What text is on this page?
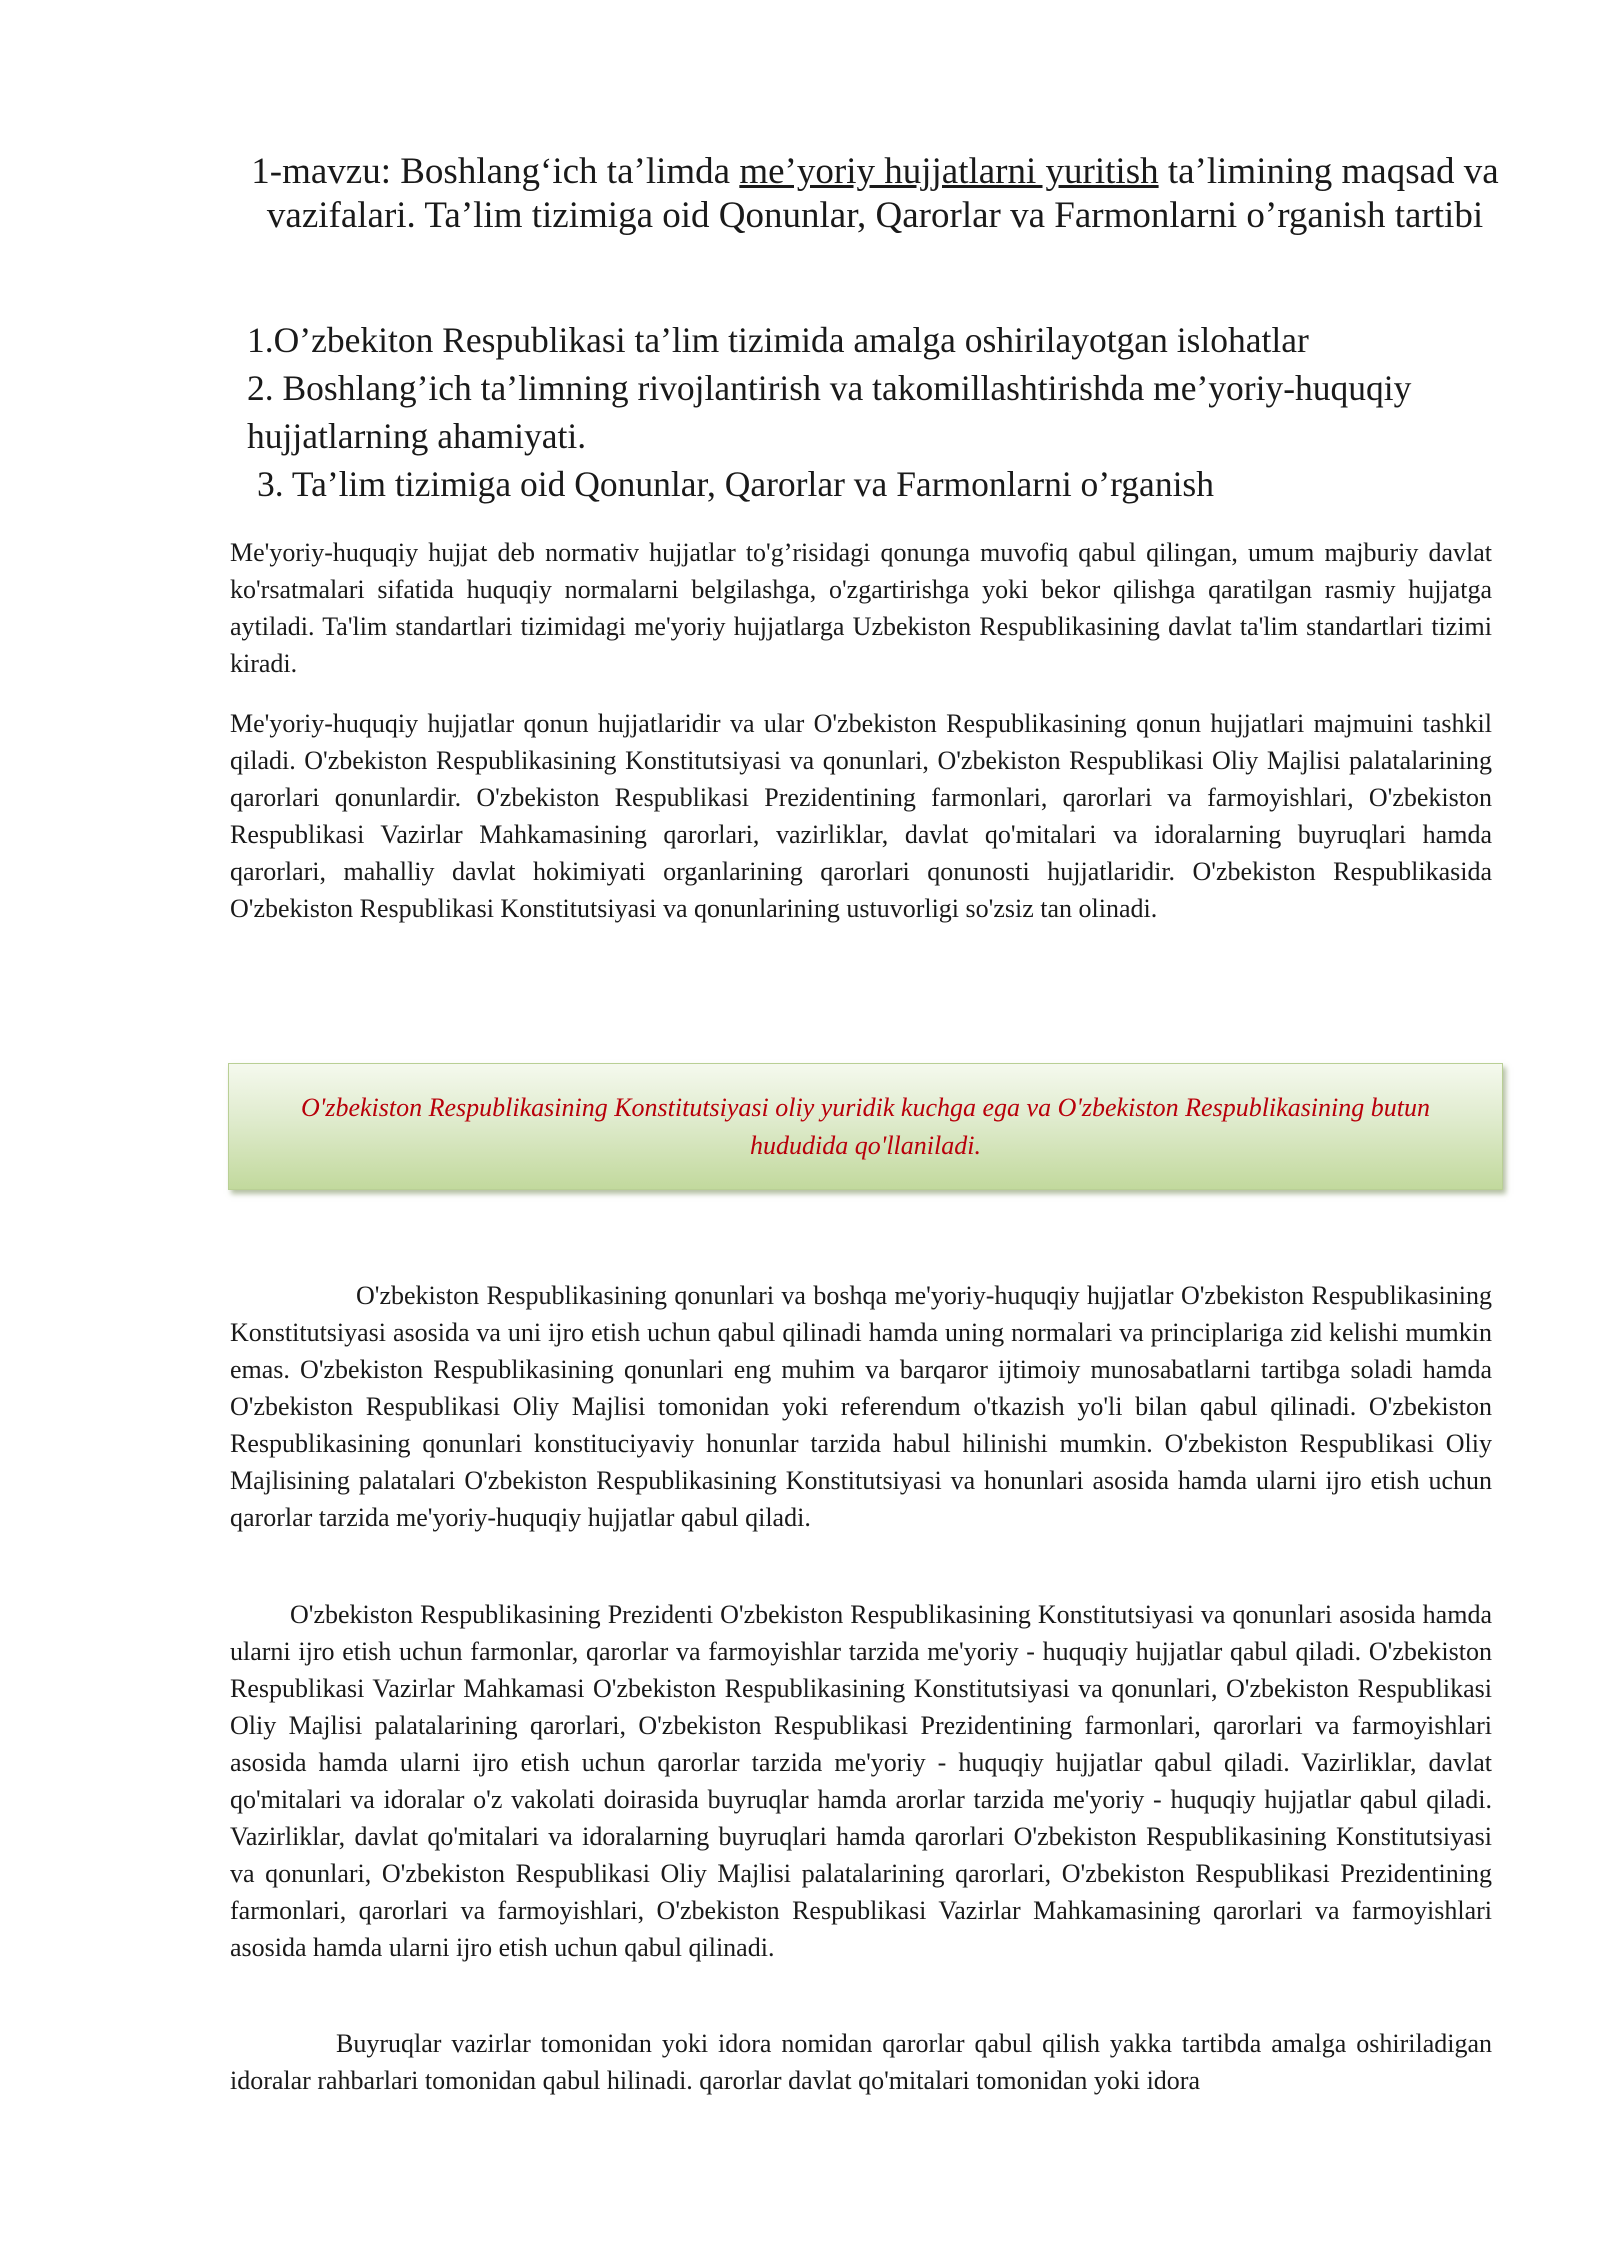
1-mavzu: Boshlang‘ich ta’limda me’yoriy hujjatlarni yuritish ta’limining maqsad va vazifalari. Ta’lim tizimiga oid Qonunlar, Qarorlar va Farmonlarni o’rganish tartibi
1.O’zbekiton Respublikasi ta’lim tizimida amalga oshirilayotgan islohatlar
2. Boshlang’ich ta’limning rivojlantirish va takomillashtirishda me’yoriy-huquqiy hujjatlarning ahamiyati.
3. Ta’lim tizimiga oid Qonunlar, Qarorlar va Farmonlarni o’rganish

Me'yoriy-huquqiy hujjat deb normativ hujjatlar to'g’risidagi qonunga muvofiq qabul qilingan, umum majburiy davlat ko'rsatmalari sifatida huquqiy normalarni belgilashga, o'zgartirishga yoki bekor qilishga qaratilgan rasmiy hujjatga aytiladi. Ta'lim standartlari tizimidagi me'yoriy hujjatlarga Uzbekiston Respublikasining davlat ta'lim standartlari tizimi kiradi.

Me'yoriy-huquqiy hujjatlar qonun hujjatlaridir va ular O'zbekiston Respublikasining qonun hujjatlari majmuini tashkil qiladi. O'zbekiston Respublikasining Konstitutsiyasi va qonunlari, O'zbekiston Respublikasi Oliy Majlisi palatalarining qarorlari qonunlardir. O'zbekiston Respublikasi Prezidentining farmonlari, qarorlari va farmoyishlari, O'zbekiston Respublikasi Vazirlar Mahkamasining qarorlari, vazirliklar, davlat qo'mitalari va idoralarning buyruqlari hamda qarorlari, mahalliy davlat hokimiyati organlarining qarorlari qonunosti hujjatlaridir. O'zbekiston Respublikasida O'zbekiston Respublikasi Konstitutsiyasi va qonunlarining ustuvorligi so'zsiz tan olinadi.

O'zbekiston Respublikasining Konstitutsiyasi oliy yuridik kuchga ega va O'zbekiston Respublikasining butun hududida qo'llaniladi.

O'zbekiston Respublikasining qonunlari va boshqa me'yoriy-huquqiy hujjatlar O'zbekiston Respublikasining Konstitutsiyasi asosida va uni ijro etish uchun qabul qilinadi hamda uning normalari va principlariga zid kelishi mumkin emas. O'zbekiston Respublikasining qonunlari eng muhim va barqaror ijtimoiy munosabatlarni tartibga soladi hamda O'zbekiston Respublikasi Oliy Majlisi tomonidan yoki referendum o'tkazish yo'li bilan qabul qilinadi. O'zbekiston Respublikasining qonunlari konstituciyaviy honunlar tarzida habul hilinishi mumkin. O'zbekiston Respublikasi Oliy Majlisining palatalari O'zbekiston Respublikasining Konstitutsiyasi va honunlari asosida hamda ularni ijro etish uchun qarorlar tarzida me'yoriy-huquqiy hujjatlar qabul qiladi.

O'zbekiston Respublikasining Prezidenti O'zbekiston Respublikasining Konstitutsiyasi va qonunlari asosida hamda ularni ijro etish uchun farmonlar, qarorlar va farmoyishlar tarzida me'yoriy - huquqiy hujjatlar qabul qiladi. O'zbekiston Respublikasi Vazirlar Mahkamasi O'zbekiston Respublikasining Konstitutsiyasi va qonunlari, O'zbekiston Respublikasi Oliy Majlisi palatalarining qarorlari, O'zbekiston Respublikasi Prezidentining farmonlari, qarorlari va farmoyishlari asosida hamda ularni ijro etish uchun qarorlar tarzida me'yoriy - huquqiy hujjatlar qabul qiladi. Vazirliklar, davlat qo'mitalari va idoralar o'z vakolati doirasida buyruqlar hamda arorlar tarzida me'yoriy - huquqiy hujjatlar qabul qiladi. Vazirliklar, davlat qo'mitalari va idoralarning buyruqlari hamda qarorlari O'zbekiston Respublikasining Konstitutsiyasi va qonunlari, O'zbekiston Respublikasi Oliy Majlisi palatalarining qarorlari, O'zbekiston Respublikasi Prezidentining farmonlari, qarorlari va farmoyishlari, O'zbekiston Respublikasi Vazirlar Mahkamasining qarorlari va farmoyishlari asosida hamda ularni ijro etish uchun qabul qilinadi.

Buyruqlar vazirlar tomonidan yoki idora nomidan qarorlar qabul qilish yakka tartibda amalga oshiriladigan idoralar rahbarlari tomonidan qabul hilinadi. qarorlar davlat qo'mitalari tomonidan yoki idora
